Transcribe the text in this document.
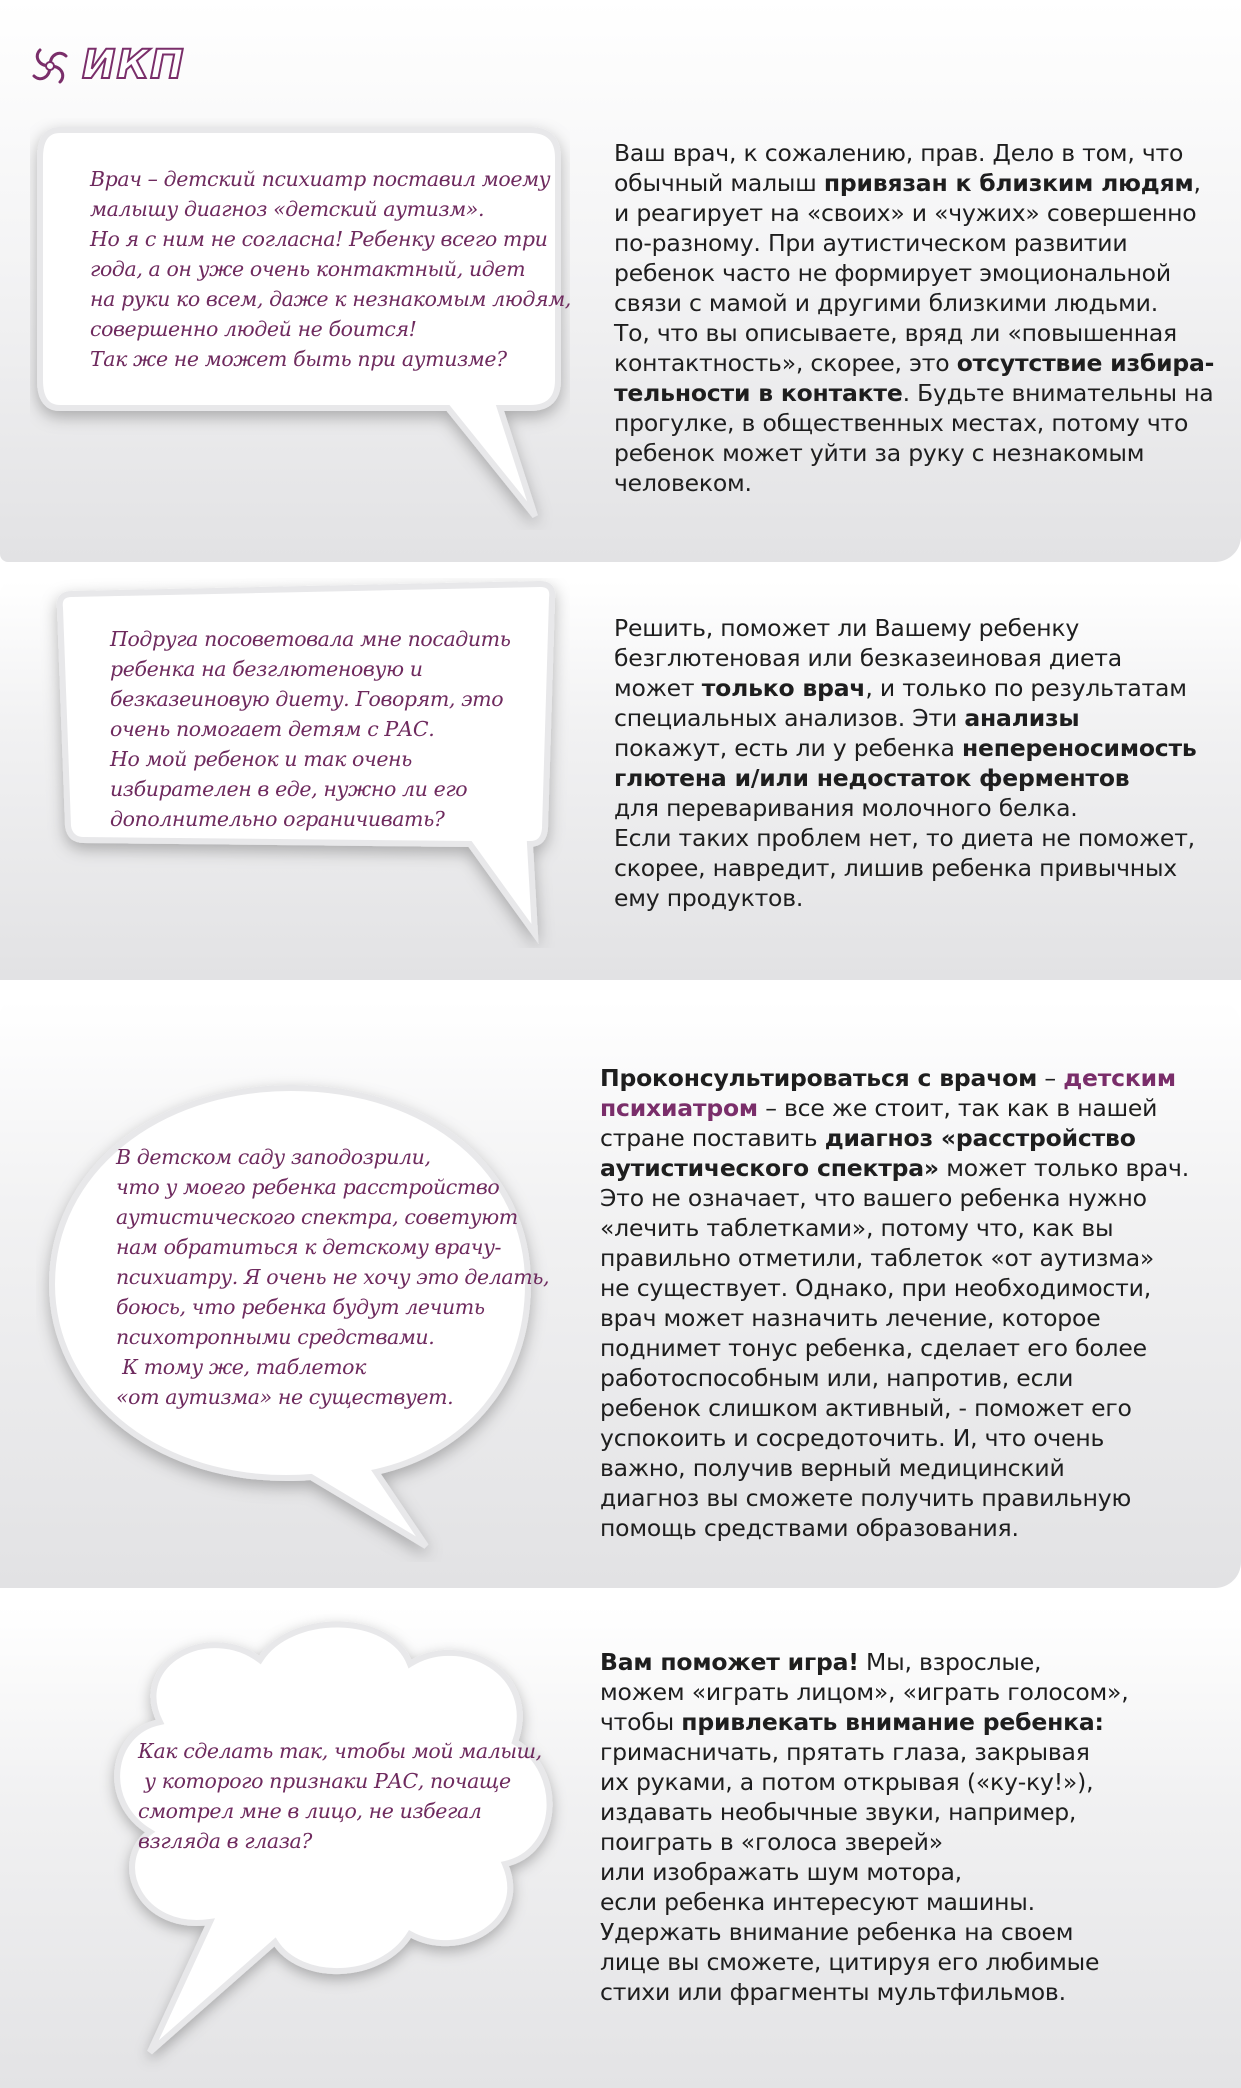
ИКП
Врач – детский психиатр поставил моему
малышу диагноз «детский аутизм».
Но я с ним не согласна! Ребенку всего три
года, а он уже очень контактный, идет
на руки ко всем, даже к незнакомым людям,
совершенно людей не боится!
Так же не может быть при аутизме?
Подруга посоветовала мне посадить
ребенка на безглютеновую и
безказеиновую диету. Говорят, это
очень помогает детям с РАС.
Но мой ребенок и так очень
избирателен в еде, нужно ли его
дополнительно ограничивать?
В детском саду заподозрили,
что у моего ребенка расстройство
аутистического спектра, советуют
нам обратиться к детскому врачу-
психиатру. Я очень не хочу это делать,
боюсь, что ребенка будут лечить
психотропными средствами.
К тому же, таблеток
«от аутизма» не существует.
Как сделать так, чтобы мой малыш,
у которого признаки РАС, почаще
смотрел мне в лицо, не избегал
взгляда в глаза?
Ваш врач, к сожалению, прав. Дело в том, что
обычный малыш привязан к близким людям,
и реагирует на «своих» и «чужих» совершенно
по-разному. При аутистическом развитии
ребенок часто не формирует эмоциональной
связи с мамой и другими близкими людьми.
То, что вы описываете, вряд ли «повышенная
контактность», скорее, это отсутствие избира-
тельности в контакте. Будьте внимательны на
прогулке, в общественных местах, потому что
ребенок может уйти за руку с незнакомым
человеком.
Решить, поможет ли Вашему ребенку
безглютеновая или безказеиновая диета
может только врач, и только по результатам
специальных анализов. Эти анализы
покажут, есть ли у ребенка непереносимость
глютена и/или недостаток ферментов
для переваривания молочного белка.
Если таких проблем нет, то диета не поможет,
скорее, навредит, лишив ребенка привычных
ему продуктов.
Проконсультироваться с врачом – детским
психиатром – все же стоит, так как в нашей
стране поставить диагноз «расстройство
аутистического спектра» может только врач.
Это не означает, что вашего ребенка нужно
«лечить таблетками», потому что, как вы
правильно отметили, таблеток «от аутизма»
не существует. Однако, при необходимости,
врач может назначить лечение, которое
поднимет тонус ребенка, сделает его более
работоспособным или, напротив, если
ребенок слишком активный, - поможет его
успокоить и сосредоточить. И, что очень
важно, получив верный медицинский
диагноз вы сможете получить правильную
помощь средствами образования.
Вам поможет игра! Мы, взрослые,
можем «играть лицом», «играть голосом»,
чтобы привлекать внимание ребенка:
гримасничать, прятать глаза, закрывая
их руками, а потом открывая («ку-ку!»),
издавать необычные звуки, например,
поиграть в «голоса зверей»
или изображать шум мотора,
если ребенка интересуют машины.
Удержать внимание ребенка на своем
лице вы сможете, цитируя его любимые
стихи или фрагменты мультфильмов.
